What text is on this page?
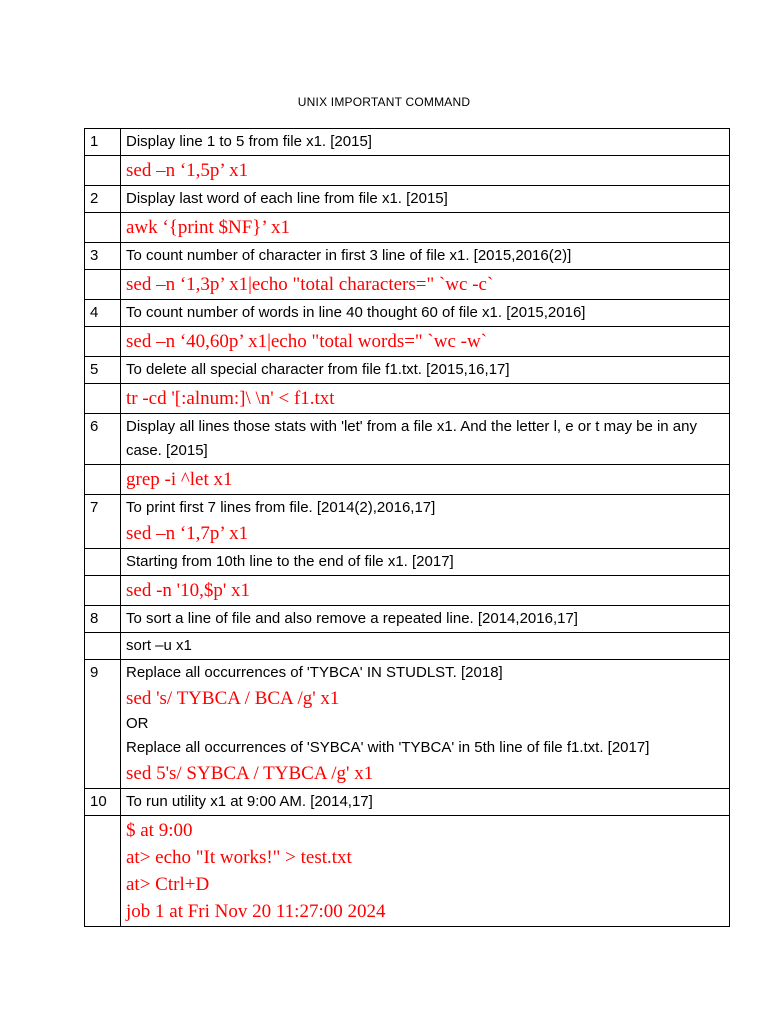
UNIX IMPORTANT COMMAND
1	Display line 1 to 5 from file x1. [2015]
	sed –n ‘1,5p’ x1
2	Display last word of each line from file x1. [2015]
	awk ‘{print $NF}’ x1
3	To count number of character in first 3 line of file x1. [2015,2016(2)]
	sed –n ‘1,3p’ x1|echo "total characters=" `wc -c`
4	To count number of words in line 40 thought 60 of file x1. [2015,2016]
	sed –n ‘40,60p’ x1|echo "total words=" `wc -w`
5	To delete all special character from file f1.txt. [2015,16,17]
	tr -cd '[:alnum:]\ \n' < f1.txt
6	Display all lines those stats with 'let' from a file x1. And the letter l, e or t may be in any case. [2015]
	grep -i ^let x1
7	To print first 7 lines from file. [2014(2),2016,17]
sed –n ‘1,7p’ x1

	Starting from 10th line to the end of file x1. [2017]
	sed -n '10,$p' x1
8	To sort a line of file and also remove a repeated line. [2014,2016,17]
	sort –u x1
9	Replace all occurrences of 'TYBCA' IN STUDLST. [2018]
sed 's/ TYBCA / BCA /g' x1
OR
Replace all occurrences of 'SYBCA' with 'TYBCA' in 5th line of file f1.txt. [2017]
sed 5's/ SYBCA / TYBCA /g' x1

10	To run utility x1 at 9:00 AM. [2014,17]

	$ at 9:00
at> echo "It works!" > test.txt
at> Ctrl+D
job 1 at Fri Nov 20 11:27:00 2024
